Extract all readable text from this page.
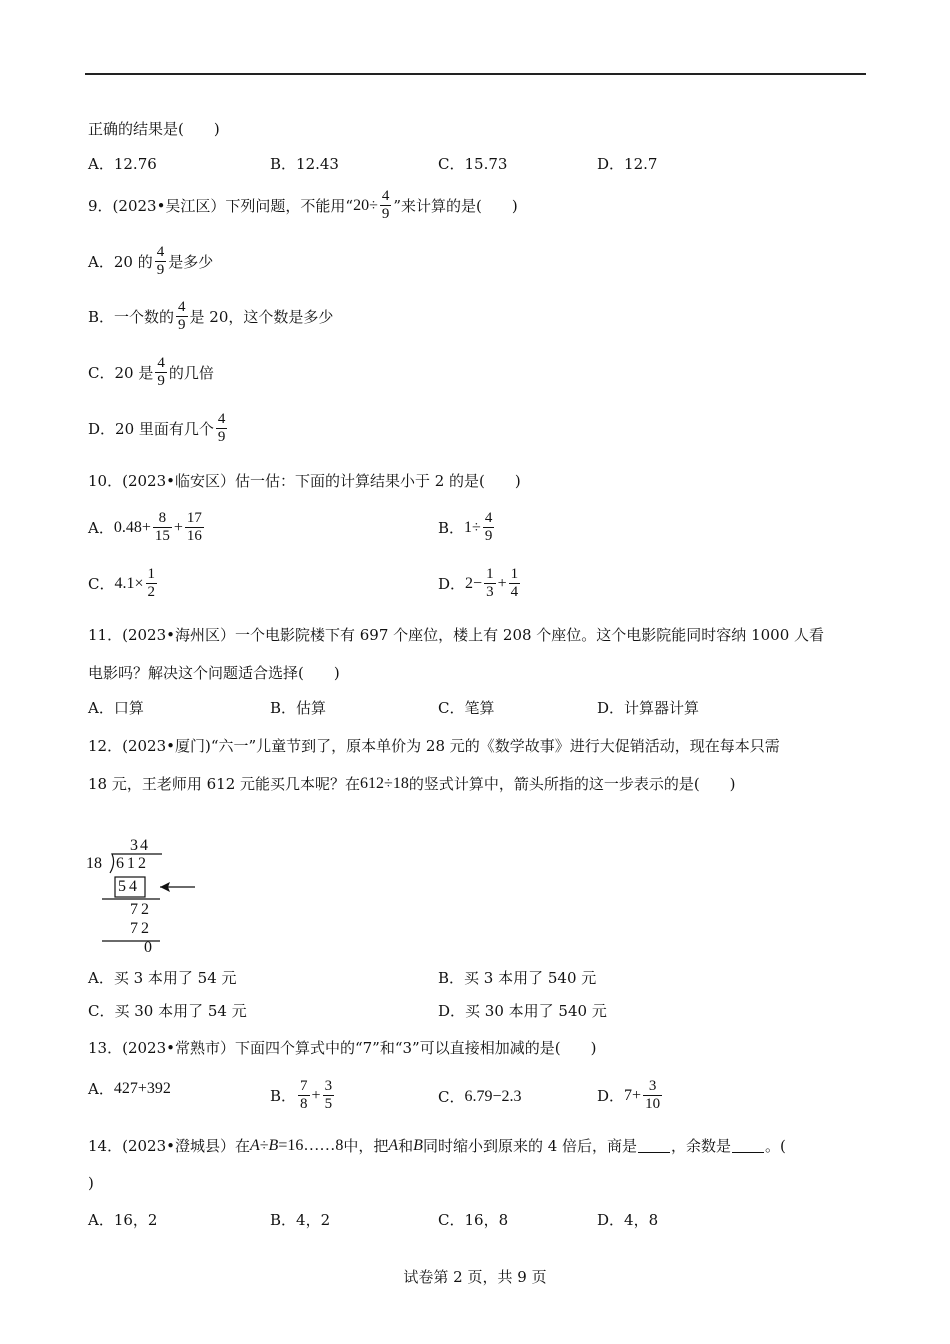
正确的结果是(　　)
A．12.76	B．12.43	C．15.73	D．12.7
9．(2023•吴江区）下列问题，不能用“ $20\div \frac{4}{9}$ ”来计算的是(　　)
A．20 的 $\frac{4}{9}$ 是多少
B．一个数的 $\frac{4}{9}$ 是 20，这个数是多少
C．20 是 $\frac{4}{9}$ 的几倍
D．20 里面有几个 $\frac{4}{9}$
10．(2023•临安区）估一估：下面的计算结果小于 2 的是(　　)
A． $0.48+ \frac{8}{15} + \frac{17}{16}$	B． $1\div \frac{4}{9}$
C． $4.1\times \frac{1}{2}$	D． $2- \frac{1}{3} + \frac{1}{4}$
11．(2023•海州区）一个电影院楼下有 697 个座位，楼上有 208 个座位。这个电影院能同时容纳 1000 人看
电影吗？解决这个问题适合选择(　　)
A．口算	B．估算	C．笔算	D．计算器计算
12．(2023•厦门)“六一”儿童节到了，原本单价为 28 元的《数学故事》进行大促销活动，现在每本只需
18 元，王老师用 612 元能买几本呢？在 612÷18 的竖式计算中，箭头所指的这一步表示的是(　　)
34
18 612
54
72
72
0
A．买 3 本用了 54 元	B．买 3 本用了 540 元
C．买 30 本用了 54 元	D．买 30 本用了 540 元
13．(2023•常熟市）下面四个算式中的“7”和“3”可以直接相加减的是(　　)
A． 427+392	B． $\frac{7}{8} + \frac{3}{5}$	C． 6.79−2.3	D． $7+ \frac{3}{10}$
14．(2023•澄城县）在 A ÷ B =16……8 中，把 A 和 B 同时缩小到原来的 4 倍后，商是 ，余数是 。(
)
A．16，2	B．4，2	C．16，8	D．4，8
试卷第 2 页，共 9 页
